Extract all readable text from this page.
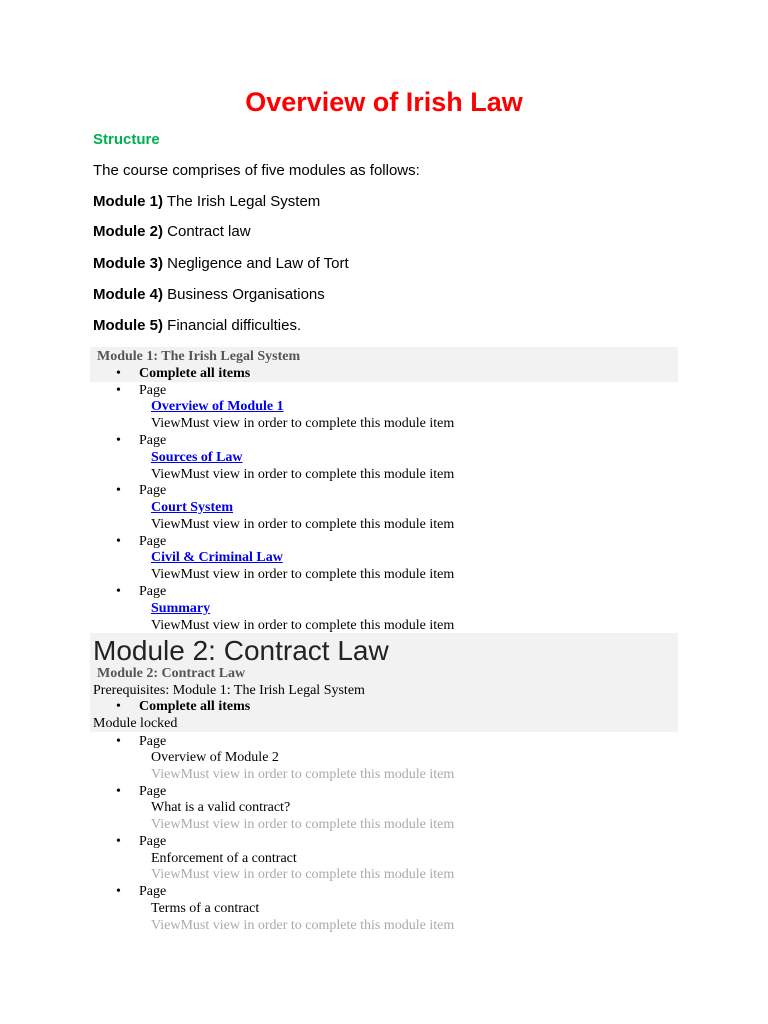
Overview of Irish Law
Structure
The course comprises of five modules as follows:
Module 1) The Irish Legal System
Module 2) Contract law
Module 3) Negligence and Law of Tort
Module 4) Business Organisations
Module 5) Financial difficulties.
Module 1: The Irish Legal System
• Complete all items
• Page
Overview of Module 1
ViewMust view in order to complete this module item
• Page
Sources of Law
ViewMust view in order to complete this module item
• Page
Court System
ViewMust view in order to complete this module item
• Page
Civil & Criminal Law
ViewMust view in order to complete this module item
• Page
Summary
ViewMust view in order to complete this module item
Module 2: Contract Law
Module 2: Contract Law
Prerequisites: Module 1: The Irish Legal System
• Complete all items
Module locked
• Page
Overview of Module 2
ViewMust view in order to complete this module item
• Page
What is a valid contract?
ViewMust view in order to complete this module item
• Page
Enforcement of a contract
ViewMust view in order to complete this module item
• Page
Terms of a contract
ViewMust view in order to complete this module item
